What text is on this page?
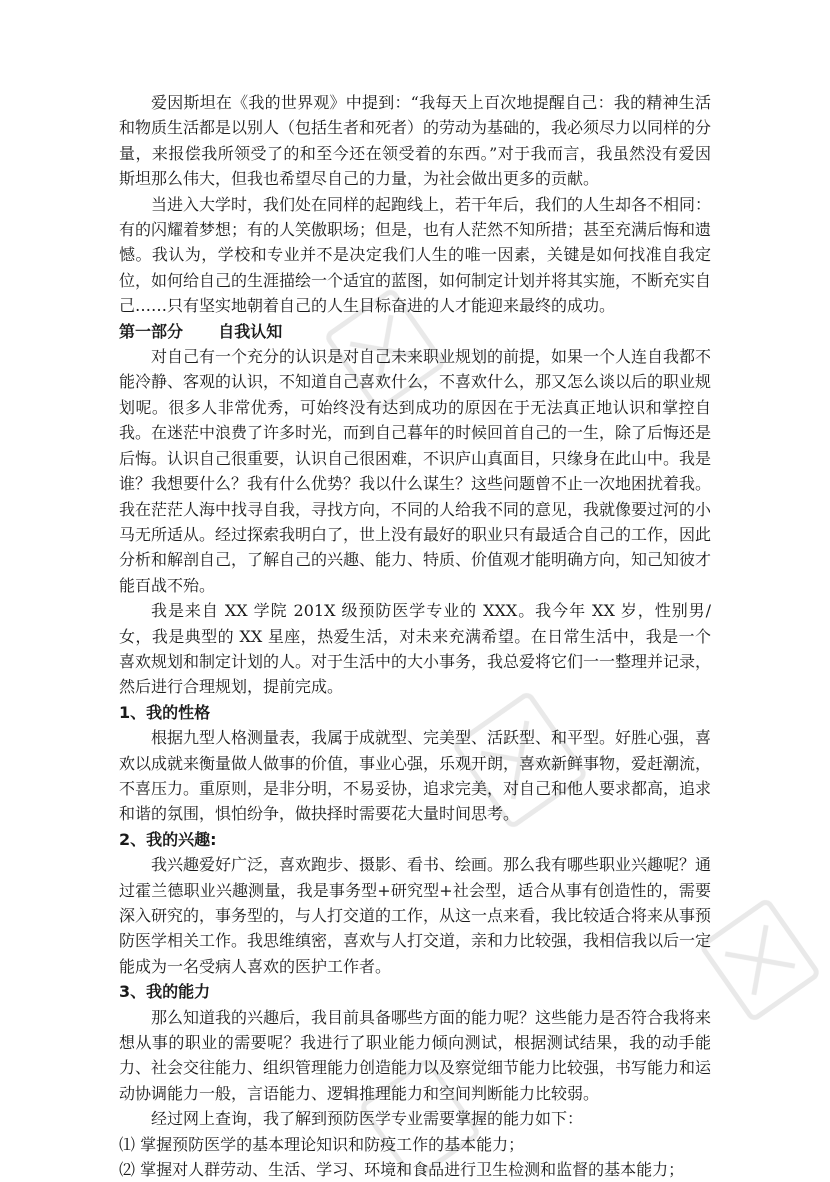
爱因斯坦在《我的世界观》中提到：“我每天上百次地提醒自己：我的精神生活和物质生活都是以别人（包括生者和死者）的劳动为基础的，我必须尽力以同样的分量，来报偿我所领受了的和至今还在领受着的东西。”对于我而言，我虽然没有爱因斯坦那么伟大，但我也希望尽自己的力量，为社会做出更多的贡献。

当进入大学时，我们处在同样的起跑线上，若干年后，我们的人生却各不相同：有的闪耀着梦想；有的人笑傲职场；但是，也有人茫然不知所措；甚至充满后悔和遗憾。我认为，学校和专业并不是决定我们人生的唯一因素，关键是如何找准自我定位，如何给自己的生涯描绘一个适宜的蓝图，如何制定计划并将其实施，不断充实自己……只有坚实地朝着自己的人生目标奋进的人才能迎来最终的成功。

第一部分 自我认知

对自己有一个充分的认识是对自己未来职业规划的前提，如果一个人连自我都不能冷静、客观的认识，不知道自己喜欢什么，不喜欢什么，那又怎么谈以后的职业规划呢。很多人非常优秀，可始终没有达到成功的原因在于无法真正地认识和掌控自我。在迷茫中浪费了许多时光，而到自己暮年的时候回首自己的一生，除了后悔还是后悔。认识自己很重要，认识自己很困难，不识庐山真面目，只缘身在此山中。我是谁？我想要什么？我有什么优势？我以什么谋生？这些问题曾不止一次地困扰着我。我在茫茫人海中找寻自我，寻找方向，不同的人给我不同的意见，我就像要过河的小马无所适从。经过探索我明白了，世上没有最好的职业只有最适合自己的工作，因此分析和解剖自己，了解自己的兴趣、能力、特质、价值观才能明确方向，知己知彼才能百战不殆。

我是来自 XX 学院 201X 级预防医学专业的 XXX。我今年 XX 岁，性别男/女，我是典型的 XX 星座，热爱生活，对未来充满希望。在日常生活中，我是一个喜欢规划和制定计划的人。对于生活中的大小事务，我总爱将它们一一整理并记录，然后进行合理规划，提前完成。

1、我的性格

根据九型人格测量表，我属于成就型、完美型、活跃型、和平型。好胜心强，喜欢以成就来衡量做人做事的价值，事业心强，乐观开朗，喜欢新鲜事物，爱赶潮流，不喜压力。重原则，是非分明，不易妥协，追求完美，对自己和他人要求都高，追求和谐的氛围，惧怕纷争，做抉择时需要花大量时间思考。

2、我的兴趣:

我兴趣爱好广泛，喜欢跑步、摄影、看书、绘画。那么我有哪些职业兴趣呢？通过霍兰德职业兴趣测量，我是事务型+研究型+社会型，适合从事有创造性的，需要深入研究的，事务型的，与人打交道的工作，从这一点来看，我比较适合将来从事预防医学相关工作。我思维缜密，喜欢与人打交道，亲和力比较强，我相信我以后一定能成为一名受病人喜欢的医护工作者。

3、我的能力

那么知道我的兴趣后，我目前具备哪些方面的能力呢？这些能力是否符合我将来想从事的职业的需要呢？我进行了职业能力倾向测试，根据测试结果，我的动手能力、社会交往能力、组织管理能力创造能力以及察觉细节能力比较强，书写能力和运动协调能力一般，言语能力、逻辑推理能力和空间判断能力比较弱。

经过网上查询，我了解到预防医学专业需要掌握的能力如下：

⑴ 掌握预防医学的基本理论知识和防疫工作的基本能力；

⑵ 掌握对人群劳动、生活、学习、环境和食品进行卫生检测和监督的基本能力；
